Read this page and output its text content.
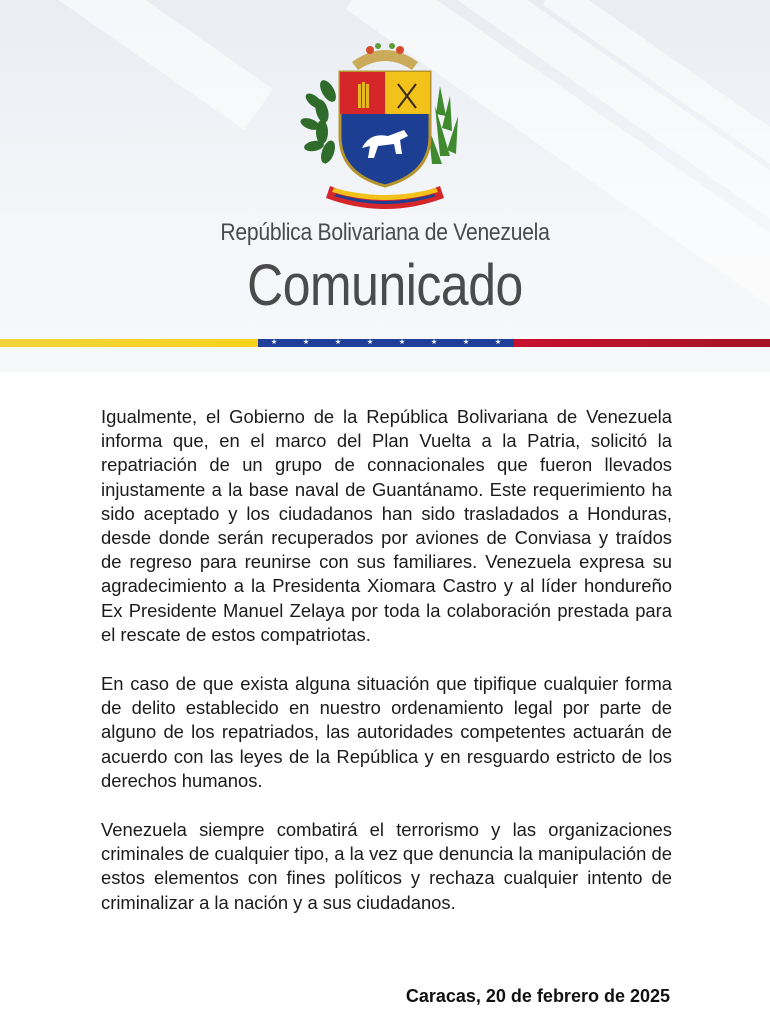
República Bolivariana de Venezuela
Comunicado
★	★	★	★	★	★	★	★

Igualmente, el Gobierno de la República Bolivariana de Venezuela informa que, en el marco del Plan Vuelta a la Patria, solicitó la repatriación de un grupo de connacionales que fueron llevados injustamente a la base naval de Guantánamo. Este requerimiento ha sido aceptado y los ciudadanos han sido trasladados a Honduras, desde donde serán recuperados por aviones de Conviasa y traídos de regreso para reunirse con sus familiares. Venezuela expresa su agradecimiento a la Presidenta Xiomara Castro y al líder hondureño Ex Presidente Manuel Zelaya por toda la colaboración prestada para el rescate de estos compatriotas.

En caso de que exista alguna situación que tipifique cualquier forma de delito establecido en nuestro ordenamiento legal por parte de alguno de los repatriados, las autoridades competentes actuarán de acuerdo con las leyes de la República y en resguardo estricto de los derechos humanos.

Venezuela siempre combatirá el terrorismo y las organizaciones criminales de cualquier tipo, a la vez que denuncia la manipulación de estos elementos con fines políticos y rechaza cualquier intento de criminalizar a la nación y a sus ciudadanos.

Caracas, 20 de febrero de 2025
